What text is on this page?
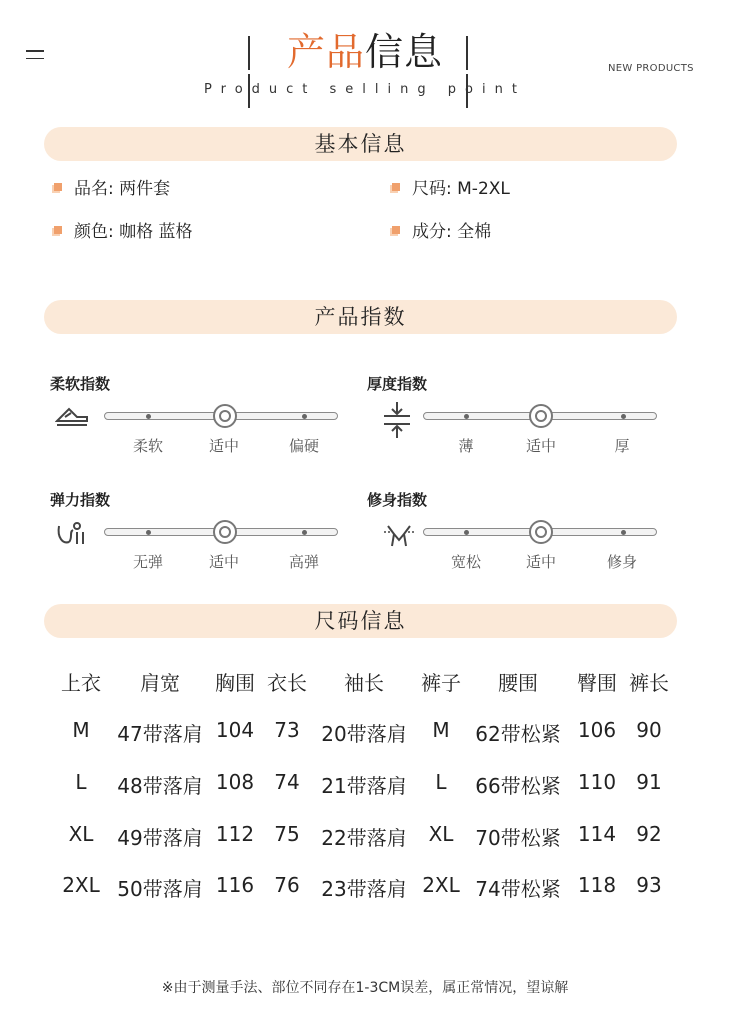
产品信息
Product selling point
NEW PRODUCTS
基本信息
品名: 两件套	尺码: M-2XL
颜色: 咖格 蓝格	成分: 全棉
产品指数
柔软指数
柔软	适中	偏硬
厚度指数
薄	适中	厚
弹力指数
无弹	适中	高弹
修身指数
宽松	适中	修身
尺码信息
上衣	肩宽	胸围 衣长	袖长	裤子	腰围	臀围 裤长
M	47带落肩 104	73	20带落肩	M	62带松紧 106	90
L	48带落肩 108	74	21带落肩	L	66带松紧 110	91
XL	49带落肩 112	75	22带落肩	XL	70带松紧 114	92
2XL 50带落肩 116	76	23带落肩 2XL 74带松紧 118	93
※由于测量手法、部位不同存在1-3CM误差，属正常情况，望谅解
